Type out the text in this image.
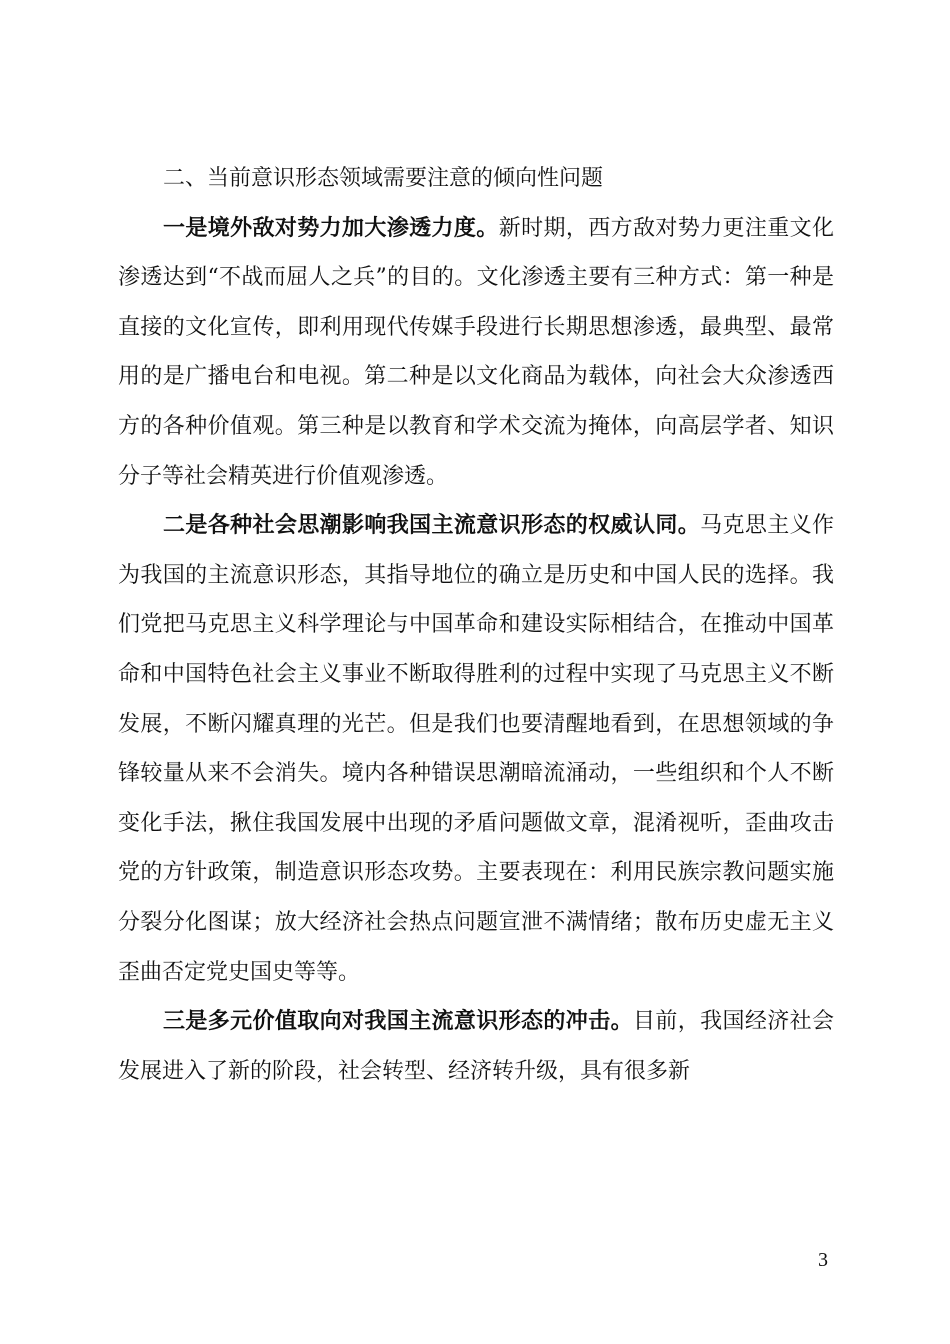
二、当前意识形态领域需要注意的倾向性问题

一是境外敌对势力加大渗透力度。新时期，西方敌对势力更注重文化渗透达到“不战而屈人之兵”的目的。文化渗透主要有三种方式：第一种是直接的文化宣传，即利用现代传媒手段进行长期思想渗透，最典型、最常用的是广播电台和电视。第二种是以文化商品为载体，向社会大众渗透西方的各种价值观。第三种是以教育和学术交流为掩体，向高层学者、知识分子等社会精英进行价值观渗透。

二是各种社会思潮影响我国主流意识形态的权威认同。马克思主义作为我国的主流意识形态，其指导地位的确立是历史和中国人民的选择。我们党把马克思主义科学理论与中国革命和建设实际相结合，在推动中国革命和中国特色社会主义事业不断取得胜利的过程中实现了马克思主义不断发展，不断闪耀真理的光芒。但是我们也要清醒地看到，在思想领域的争锋较量从来不会消失。境内各种错误思潮暗流涌动，一些组织和个人不断变化手法，揪住我国发展中出现的矛盾问题做文章，混淆视听，歪曲攻击党的方针政策，制造意识形态攻势。主要表现在：利用民族宗教问题实施分裂分化图谋；放大经济社会热点问题宣泄不满情绪；散布历史虚无主义歪曲否定党史国史等等。

三是多元价值取向对我国主流意识形态的冲击。目前，我国经济社会发展进入了新的阶段，社会转型、经济转升级，具有很多新

3
